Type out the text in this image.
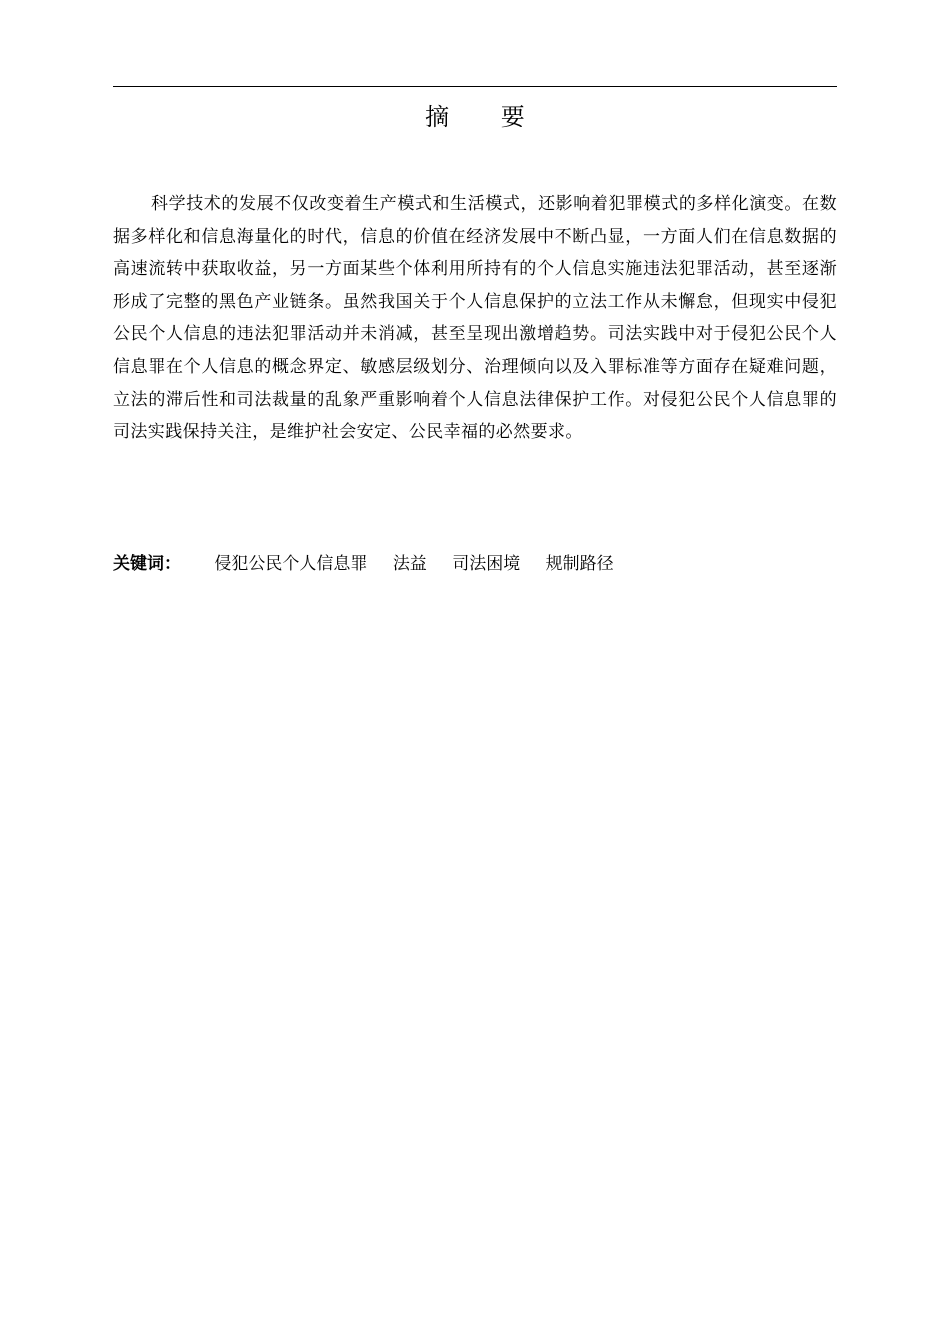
摘 要

科学技术的发展不仅改变着生产模式和生活模式，还影响着犯罪模式的多样化演变。在数据多样化和信息海量化的时代，信息的价值在经济发展中不断凸显，一方面人们在信息数据的高速流转中获取收益，另一方面某些个体利用所持有的个人信息实施违法犯罪活动，甚至逐渐形成了完整的黑色产业链条。虽然我国关于个人信息保护的立法工作从未懈怠，但现实中侵犯公民个人信息的违法犯罪活动并未消减，甚至呈现出激增趋势。司法实践中对于侵犯公民个人信息罪在个人信息的概念界定、敏感层级划分、治理倾向以及入罪标准等方面存在疑难问题，立法的滞后性和司法裁量的乱象严重影响着个人信息法律保护工作。对侵犯公民个人信息罪的司法实践保持关注，是维护社会安定、公民幸福的必然要求。

关键词： 侵犯公民个人信息罪 法益 司法困境 规制路径
